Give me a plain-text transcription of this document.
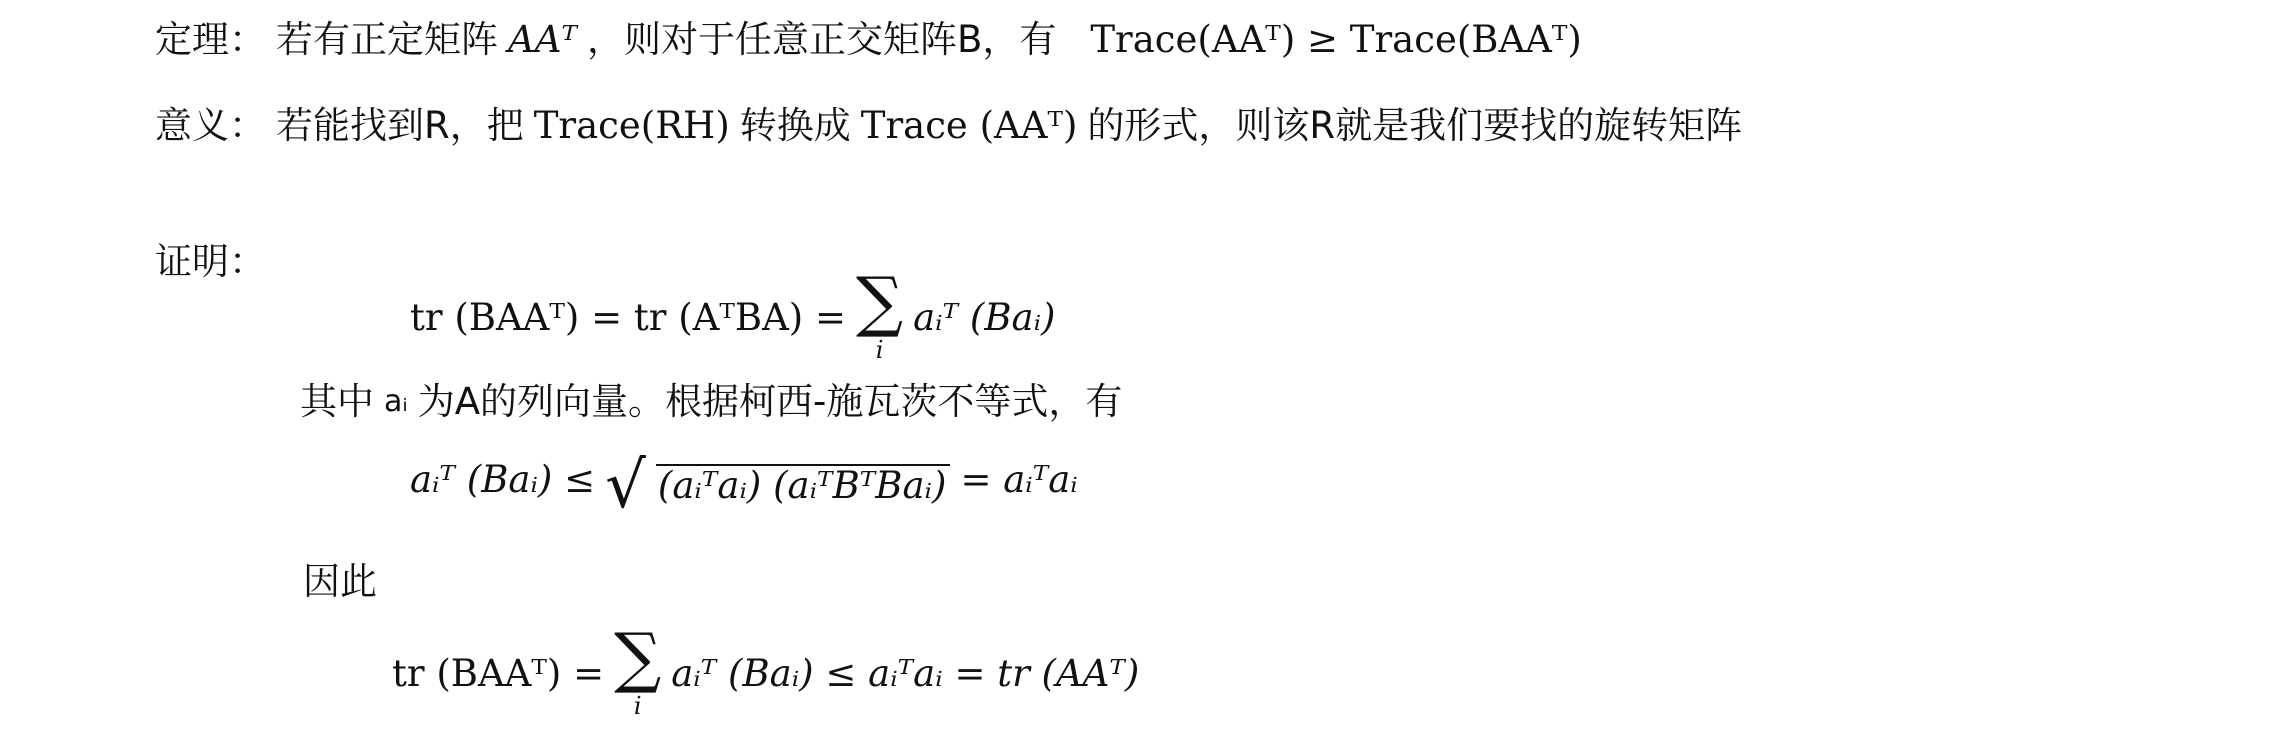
定理： 若有正定矩阵 AAᵀ ，则对于任意正交矩阵B，有 Trace(AAᵀ) ≥ Trace(BAAᵀ)
意义： 若能找到R，把 Trace(RH) 转换成 Trace (AAᵀ) 的形式，则该R就是我们要找的旋转矩阵
证明：
tr (BAAᵀ) = tr (AᵀBA) = ∑
i
aᵢᵀ (Baᵢ)
其中 aᵢ 为A的列向量。根据柯西-施瓦茨不等式，有
aᵢᵀ (Baᵢ) ≤ √ (aᵢᵀaᵢ) (aᵢᵀBᵀBaᵢ) = aᵢᵀaᵢ
因此
tr (BAAᵀ) = ∑
i
aᵢᵀ (Baᵢ) ≤ aᵢᵀaᵢ = tr (AAᵀ)
